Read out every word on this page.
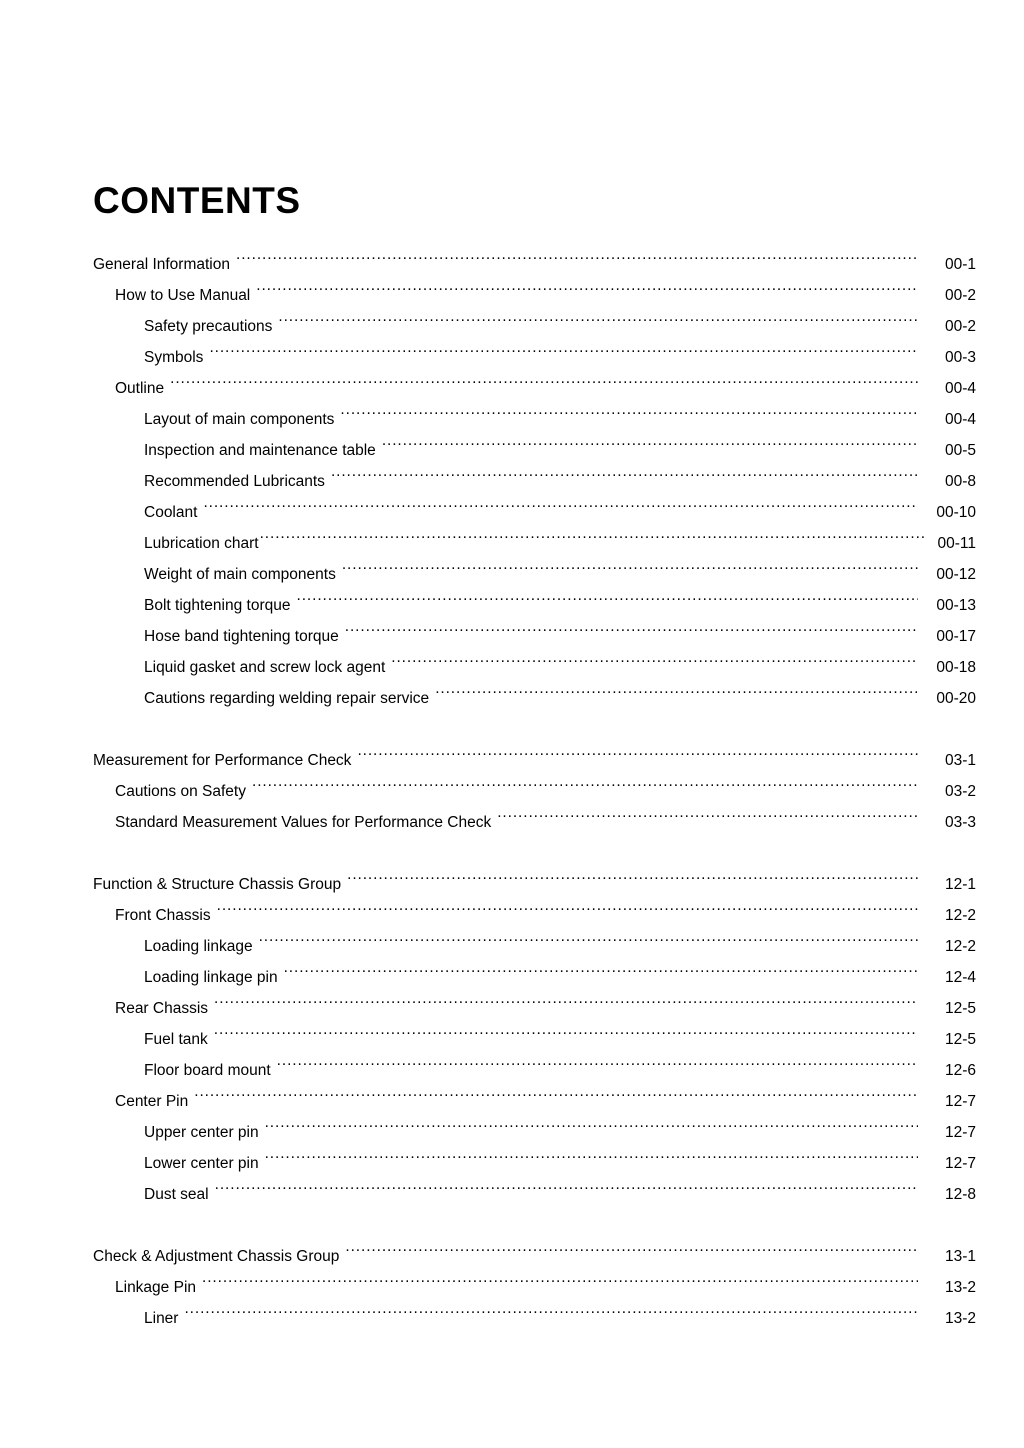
CONTENTS
General Information .....	00-1
How to Use Manual .....	00-2
Safety precautions .....	00-2
Symbols .....	00-3
Outline .....	00-4
Layout of main components .....	00-4
Inspection and maintenance table .....	00-5
Recommended Lubricants .....	00-8
Coolant .....	00-10
Lubrication chart .....	00-11
Weight of main components .....	00-12
Bolt tightening torque .....	00-13
Hose band tightening torque .....	00-17
Liquid gasket and screw lock agent .....	00-18
Cautions regarding welding repair service .....	00-20
Measurement for Performance Check .....	03-1
Cautions on Safety .....	03-2
Standard Measurement Values for Performance Check .....	03-3
Function & Structure Chassis Group .....	12-1
Front Chassis .....	12-2
Loading linkage .....	12-2
Loading linkage pin .....	12-4
Rear Chassis .....	12-5
Fuel tank .....	12-5
Floor board mount .....	12-6
Center Pin .....	12-7
Upper center pin .....	12-7
Lower center pin .....	12-7
Dust seal .....	12-8
Check & Adjustment Chassis Group .....	13-1
Linkage Pin .....	13-2
Liner .....	13-2
